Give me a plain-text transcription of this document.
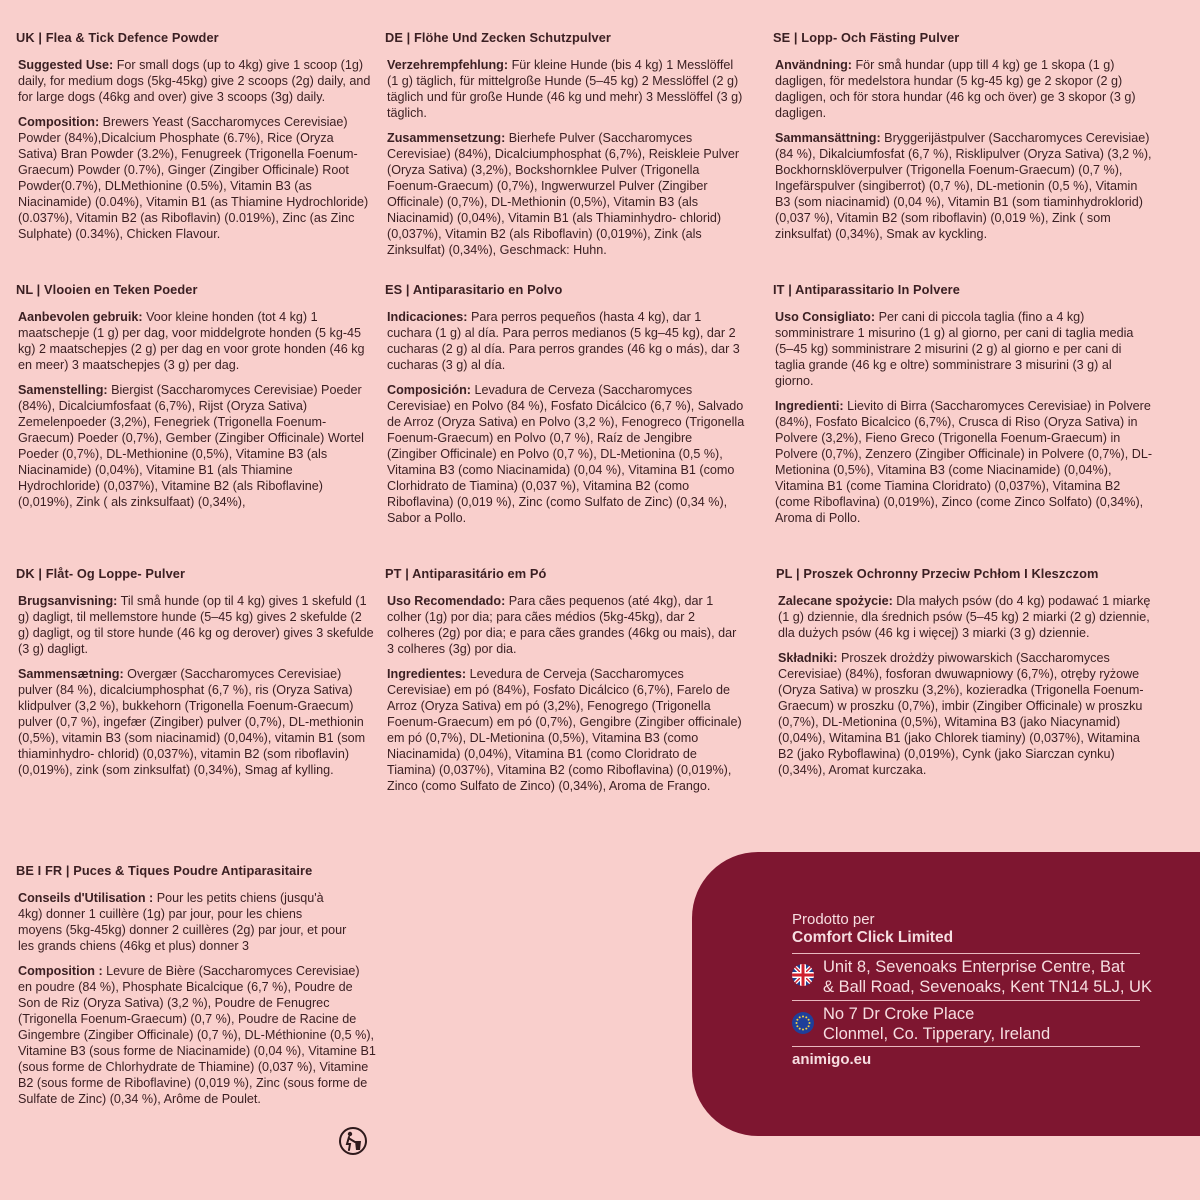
UK | Flea & Tick Defence Powder
Suggested Use: For small dogs (up to 4kg) give 1 scoop (1g) daily, for medium dogs (5kg-45kg) give 2 scoops (2g) daily, and for large dogs (46kg and over) give 3 scoops (3g) daily.
Composition: Brewers Yeast (Saccharomyces Cerevisiae) Powder (84%),Dicalcium Phosphate (6.7%), Rice (Oryza Sativa) Bran Powder (3.2%), Fenugreek (Trigonella Foenum-Graecum) Powder (0.7%), Ginger (Zingiber Officinale) Root Powder(0.7%), DLMethionine (0.5%), Vitamin B3 (as Niacinamide) (0.04%), Vitamin B1 (as Thiamine Hydrochloride) (0.037%), Vitamin B2 (as Riboflavin) (0.019%), Zinc (as Zinc Sulphate) (0.34%), Chicken Flavour.
DE | Flöhe Und Zecken Schutzpulver
Verzehrempfehlung: Für kleine Hunde (bis 4 kg) 1 Messlöffel (1 g) täglich, für mittelgroße Hunde (5–45 kg) 2 Messlöffel (2 g) täglich und für große Hunde (46 kg und mehr) 3 Messlöffel (3 g) täglich.
Zusammensetzung: Bierhefe Pulver (Saccharomyces Cerevisiae) (84%), Dicalciumphosphat (6,7%), Reiskleie Pulver (Oryza Sativa) (3,2%), Bockshornklee Pulver (Trigonella Foenum-Graecum) (0,7%), Ingwerwurzel Pulver (Zingiber Officinale) (0,7%), DL-Methionin (0,5%), Vitamin B3 (als Niacinamid) (0,04%), Vitamin B1 (als Thiaminhydro- chlorid) (0,037%), Vitamin B2 (als Riboflavin) (0,019%), Zink (als Zinksulfat) (0,34%), Geschmack: Huhn.
SE | Lopp- Och Fästing Pulver
Användning: För små hundar (upp till 4 kg) ge 1 skopa (1 g) dagligen, för medelstora hundar (5 kg-45 kg) ge 2 skopor (2 g) dagligen, och för stora hundar (46 kg och över) ge 3 skopor (3 g) dagligen.
Sammansättning: Bryggerijästpulver (Saccharomyces Cerevisiae) (84 %), Dikalciumfosfat (6,7 %), Risklipulver (Oryza Sativa) (3,2 %), Bockhornsklöverpulver (Trigonella Foenum-Graecum) (0,7 %), Ingefärspulver (singiberrot) (0,7 %), DL-metionin (0,5 %), Vitamin B3 (som niacinamid) (0,04 %), Vitamin B1 (som tiaminhydroklorid) (0,037 %), Vitamin B2 (som riboflavin) (0,019 %), Zink ( som zinksulfat) (0,34%), Smak av kyckling.
NL | Vlooien en Teken Poeder
Aanbevolen gebruik: Voor kleine honden (tot 4 kg) 1 maatschepje (1 g) per dag, voor middelgrote honden (5 kg-45 kg) 2 maatschepjes (2 g) per dag en voor grote honden (46 kg en meer) 3 maatschepjes (3 g) per dag.
Samenstelling: Biergist (Saccharomyces Cerevisiae) Poeder (84%), Dicalciumfosfaat (6,7%), Rijst (Oryza Sativa) Zemelenpoeder (3,2%), Fenegriek (Trigonella Foenum-Graecum) Poeder (0,7%), Gember (Zingiber Officinale) Wortel Poeder (0,7%), DL-Methionine (0,5%), Vitamine B3 (als Niacinamide) (0,04%), Vitamine B1 (als Thiamine Hydrochloride) (0,037%), Vitamine B2 (als Riboflavine) (0,019%), Zink ( als zinksulfaat) (0,34%),
ES | Antiparasitario en Polvo
Indicaciones: Para perros pequeños (hasta 4 kg), dar 1 cuchara (1 g) al día. Para perros medianos (5 kg–45 kg), dar 2 cucharas (2 g) al día. Para perros grandes (46 kg o más), dar 3 cucharas (3 g) al día.
Composición: Levadura de Cerveza (Saccharomyces Cerevisiae) en Polvo (84 %), Fosfato Dicálcico (6,7 %), Salvado de Arroz (Oryza Sativa) en Polvo (3,2 %), Fenogreco (Trigonella Foenum-Graecum) en Polvo (0,7 %), Raíz de Jengibre (Zingiber Officinale) en Polvo (0,7 %), DL-Metionina (0,5 %), Vitamina B3 (como Niacinamida) (0,04 %), Vitamina B1 (como Clorhidrato de Tiamina) (0,037 %), Vitamina B2 (como Riboflavina) (0,019 %), Zinc (como Sulfato de Zinc) (0,34 %), Sabor a Pollo.
IT | Antiparassitario In Polvere
Uso Consigliato: Per cani di piccola taglia (fino a 4 kg) somministrare 1 misurino (1 g) al giorno, per cani di taglia media (5–45 kg) somministrare 2 misurini (2 g) al giorno e per cani di taglia grande (46 kg e oltre) somministrare 3 misurini (3 g) al giorno.
Ingredienti: Lievito di Birra (Saccharomyces Cerevisiae) in Polvere (84%), Fosfato Bicalcico (6,7%), Crusca di Riso (Oryza Sativa) in Polvere (3,2%), Fieno Greco (Trigonella Foenum-Graecum) in Polvere (0,7%), Zenzero (Zingiber Officinale) in Polvere (0,7%), DL-Metionina (0,5%), Vitamina B3 (come Niacinamide) (0,04%), Vitamina B1 (come Tiamina Cloridrato) (0,037%), Vitamina B2 (come Riboflavina) (0,019%), Zinco (come Zinco Solfato) (0,34%), Aroma di Pollo.
DK | Flåt- Og Loppe- Pulver
Brugsanvisning: Til små hunde (op til 4 kg) gives 1 skefuld (1 g) dagligt, til mellemstore hunde (5–45 kg) gives 2 skefulde (2 g) dagligt, og til store hunde (46 kg og derover) gives 3 skefulde (3 g) dagligt.
Sammensætning: Overgær (Saccharomyces Cerevisiae) pulver (84 %), dicalciumphosphat (6,7 %), ris (Oryza Sativa) klidpulver (3,2 %), bukkehorn (Trigonella Foenum-Graecum) pulver (0,7 %), ingefær (Zingiber) pulver (0,7%), DL-methionin (0,5%), vitamin B3 (som niacinamid) (0,04%), vitamin B1 (som thiaminhydro- chlorid) (0,037%), vitamin B2 (som riboflavin) (0,019%), zink (som zinksulfat) (0,34%), Smag af kylling.
PT | Antiparasitário em Pó
Uso Recomendado: Para cães pequenos (até 4kg), dar 1 colher (1g) por dia; para cães médios (5kg-45kg), dar 2 colheres (2g) por dia; e para cães grandes (46kg ou mais), dar 3 colheres (3g) por dia.
Ingredientes: Levedura de Cerveja (Saccharomyces Cerevisiae) em pó (84%), Fosfato Dicálcico (6,7%), Farelo de Arroz (Oryza Sativa) em pó (3,2%), Fenogrego (Trigonella Foenum-Graecum) em pó (0,7%), Gengibre (Zingiber officinale) em pó (0,7%), DL-Metionina (0,5%), Vitamina B3 (como Niacinamida) (0,04%), Vitamina B1 (como Cloridrato de Tiamina) (0,037%), Vitamina B2 (como Riboflavina) (0,019%), Zinco (como Sulfato de Zinco) (0,34%), Aroma de Frango.
PL | Proszek Ochronny Przeciw Pchłom I Kleszczom
Zalecane spożycie: Dla małych psów (do 4 kg) podawać 1 miarkę (1 g) dziennie, dla średnich psów (5–45 kg) 2 miarki (2 g) dziennie, dla dużych psów (46 kg i więcej) 3 miarki (3 g) dziennie.
Składniki: Proszek drożdży piwowarskich (Saccharomyces Cerevisiae) (84%), fosforan dwuwapniowy (6,7%), otręby ryżowe (Oryza Sativa) w proszku (3,2%), kozieradka (Trigonella Foenum-Graecum) w proszku (0,7%), imbir (Zingiber Officinale) w proszku (0,7%), DL-Metionina (0,5%), Witamina B3 (jako Niacynamid) (0,04%), Witamina B1 (jako Chlorek tiaminy) (0,037%), Witamina B2 (jako Ryboflawina) (0,019%), Cynk (jako Siarczan cynku) (0,34%), Aromat kurczaka.
BE I FR | Puces & Tiques Poudre Antiparasitaire
Conseils d'Utilisation : Pour les petits chiens (jusqu'à 4kg) donner 1 cuillère (1g) par jour, pour les chiens moyens (5kg-45kg) donner 2 cuillères (2g) par jour, et pour les grands chiens (46kg et plus) donner 3
Composition : Levure de Bière (Saccharomyces Cerevisiae) en poudre (84 %), Phosphate Bicalcique (6,7 %), Poudre de Son de Riz (Oryza Sativa) (3,2 %), Poudre de Fenugrec (Trigonella Foenum-Graecum) (0,7 %), Poudre de Racine de Gingembre (Zingiber Officinale) (0,7 %), DL-Méthionine (0,5 %), Vitamine B3 (sous forme de Niacinamide) (0,04 %), Vitamine B1 (sous forme de Chlorhydrate de Thiamine) (0,037 %), Vitamine B2 (sous forme de Riboflavine) (0,019 %), Zinc (sous forme de Sulfate de Zinc) (0,34 %), Arôme de Poulet.
Prodotto per
Comfort Click Limited
Unit 8, Sevenoaks Enterprise Centre, Bat
& Ball Road, Sevenoaks, Kent TN14 5LJ, UK
No 7 Dr Croke Place
Clonmel, Co. Tipperary, Ireland
animigo.eu
